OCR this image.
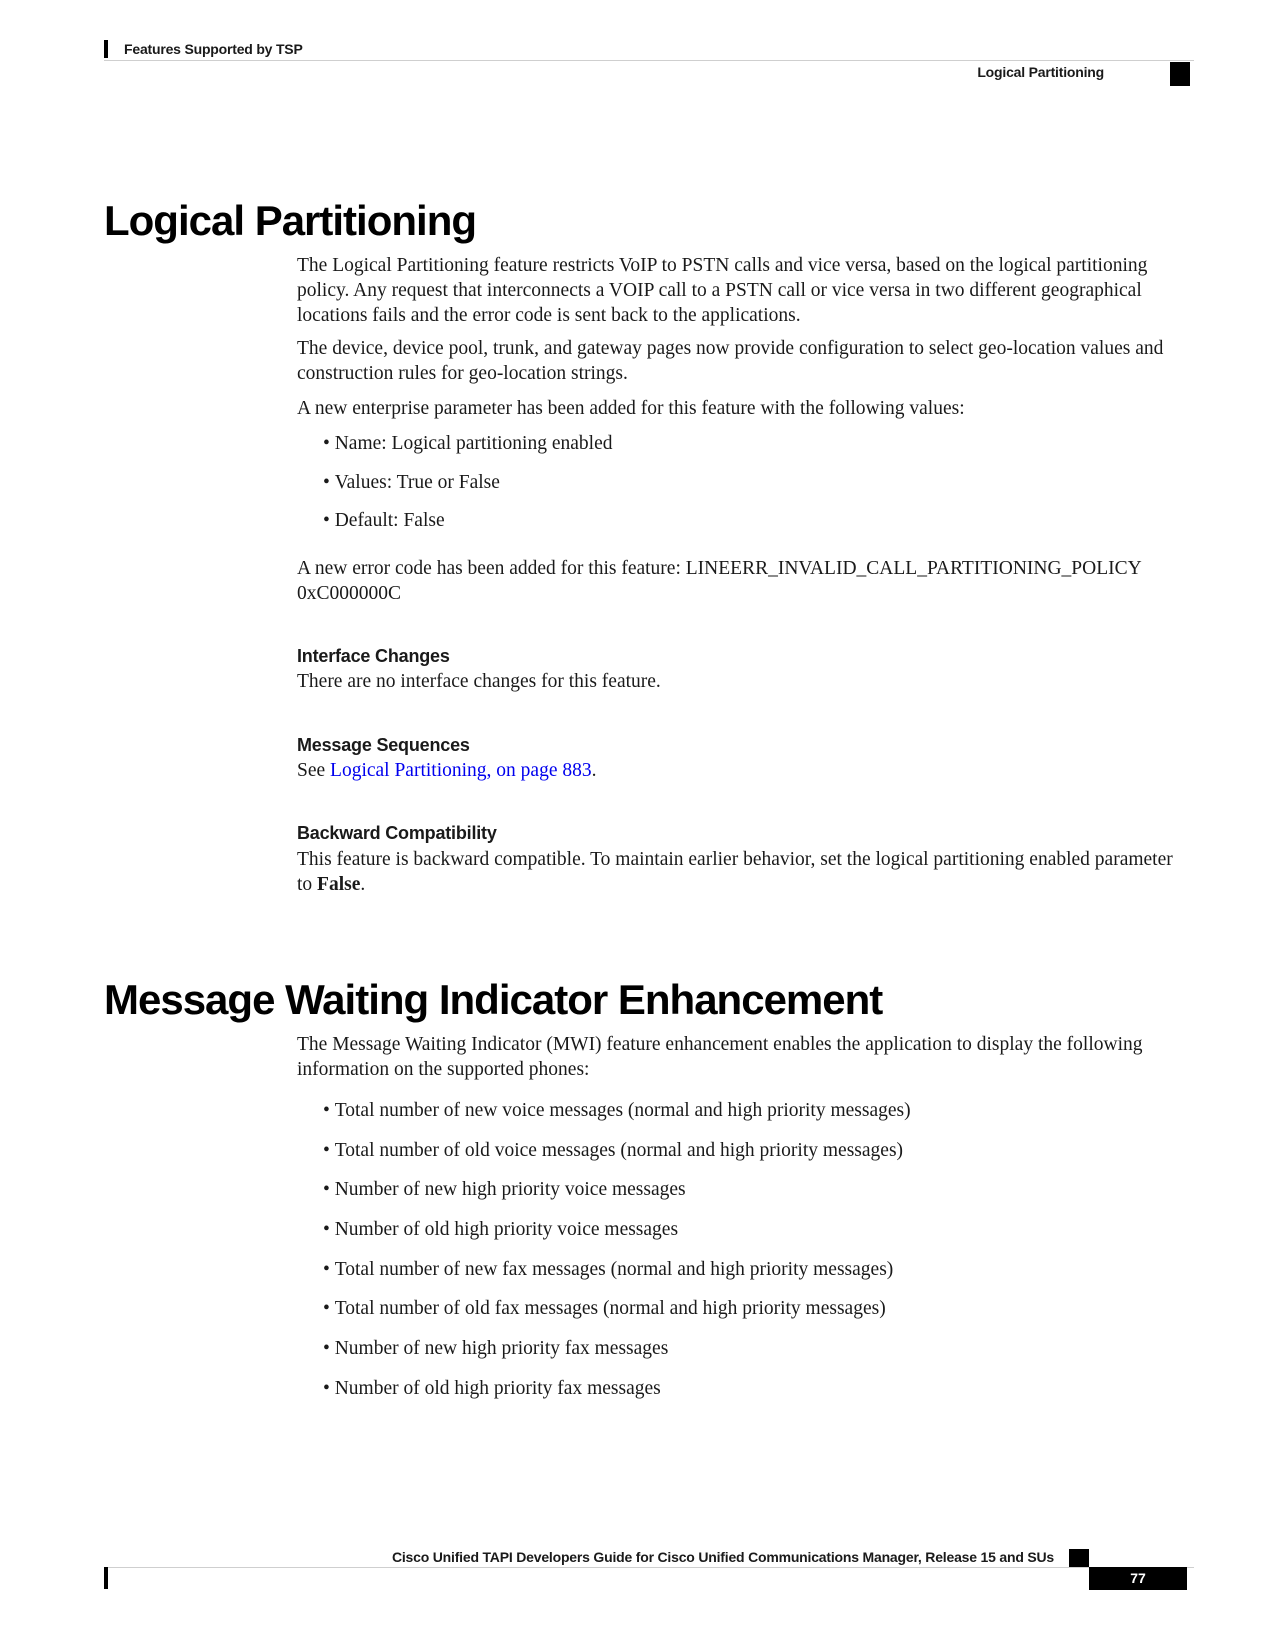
Features Supported by TSP
Logical Partitioning
Logical Partitioning

The Logical Partitioning feature restricts VoIP to PSTN calls and vice versa, based on the logical partitioning policy. Any request that interconnects a VOIP call to a PSTN call or vice versa in two different geographical locations fails and the error code is sent back to the applications.

The device, device pool, trunk, and gateway pages now provide configuration to select geo-location values and construction rules for geo-location strings.

A new enterprise parameter has been added for this feature with the following values:

• Name: Logical partitioning enabled
• Values: True or False
• Default: False

A new error code has been added for this feature: LINEERR_INVALID_CALL_PARTITIONING_POLICY 0xC000000C

Interface Changes

There are no interface changes for this feature.

Message Sequences

See Logical Partitioning, on page 883.

Backward Compatibility

This feature is backward compatible. To maintain earlier behavior, set the logical partitioning enabled parameter to False.

Message Waiting Indicator Enhancement

The Message Waiting Indicator (MWI) feature enhancement enables the application to display the following information on the supported phones:

• Total number of new voice messages (normal and high priority messages)
• Total number of old voice messages (normal and high priority messages)
• Number of new high priority voice messages
• Number of old high priority voice messages
• Total number of new fax messages (normal and high priority messages)
• Total number of old fax messages (normal and high priority messages)
• Number of new high priority fax messages
• Number of old high priority fax messages
Cisco Unified TAPI Developers Guide for Cisco Unified Communications Manager, Release 15 and SUs
77
